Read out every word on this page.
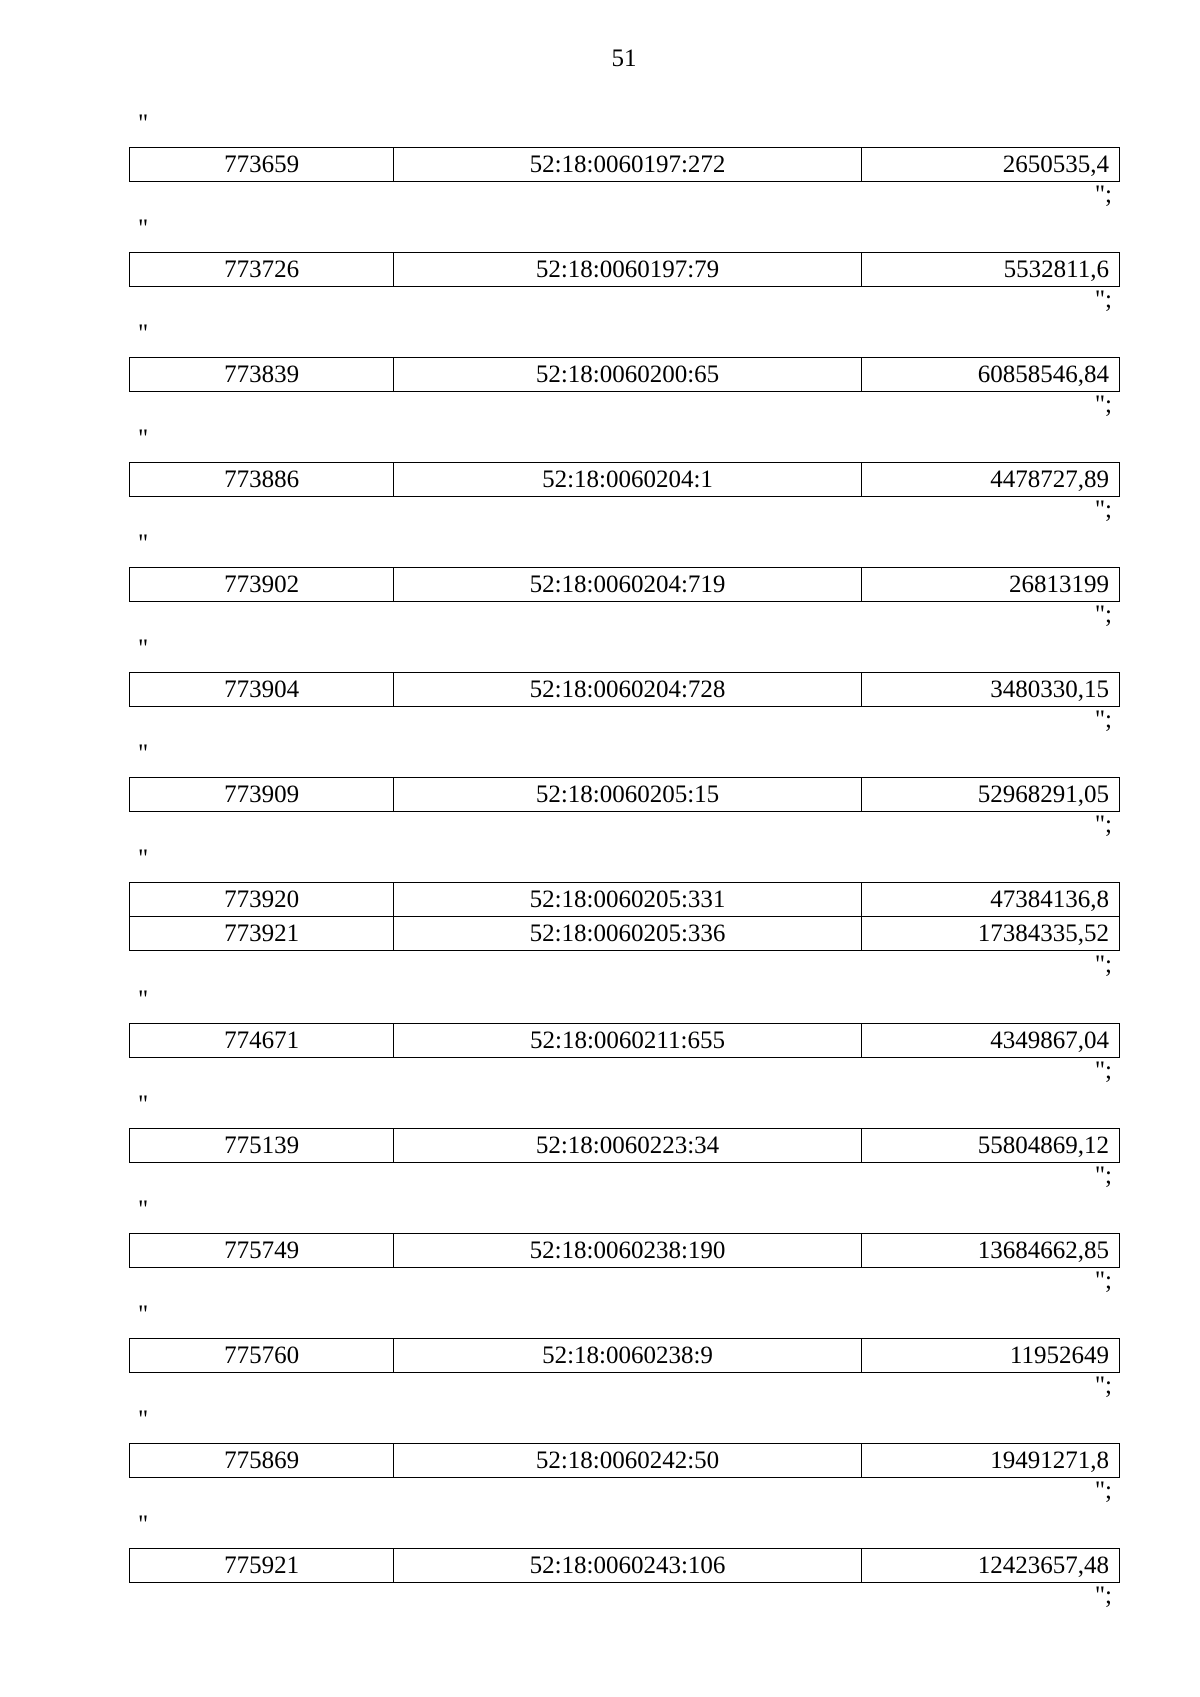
51
"
773659	52:18:0060197:272	2650535,4
";
"
773726	52:18:0060197:79	5532811,6
";
"
773839	52:18:0060200:65	60858546,84
";
"
773886	52:18:0060204:1	4478727,89
";
"
773902	52:18:0060204:719	26813199
";
"
773904	52:18:0060204:728	3480330,15
";
"
773909	52:18:0060205:15	52968291,05
";
"
773920	52:18:0060205:331	47384136,8
773921	52:18:0060205:336	17384335,52
";
"
774671	52:18:0060211:655	4349867,04
";
"
775139	52:18:0060223:34	55804869,12
";
"
775749	52:18:0060238:190	13684662,85
";
"
775760	52:18:0060238:9	11952649
";
"
775869	52:18:0060242:50	19491271,8
";
"
775921	52:18:0060243:106	12423657,48
";
